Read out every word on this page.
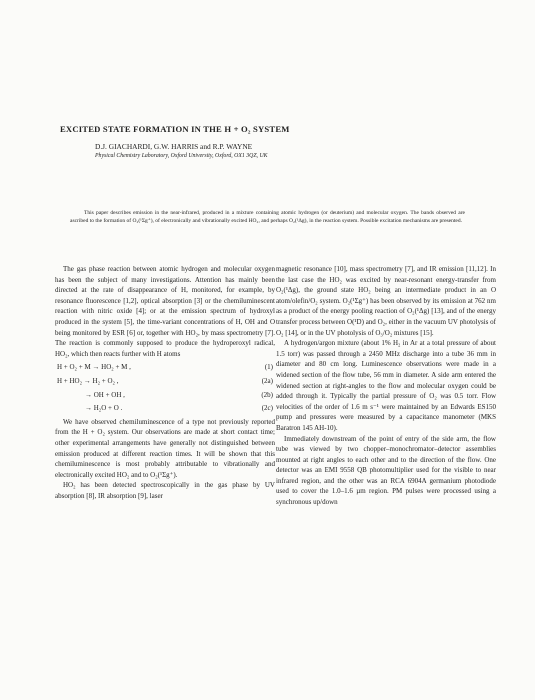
EXCITED STATE FORMATION IN THE H + O₂ SYSTEM
D.J. GIACHARDI, G.W. HARRIS and R.P. WAYNE
Physical Chemistry Laboratory, Oxford University, Oxford, OX1 3QZ, UK
This paper describes emission in the near-infrared, produced in a mixture containing atomic hydrogen (or deuterium) and molecular oxygen. The bands observed are ascribed to the formation of O₂(¹Σg⁺), of electronically and vibrationally excited HO₂, and perhaps O₂(¹Δg), in the reaction system. Possible excitation mechanisms are presented.

The gas phase reaction between atomic hydrogen and molecular oxygen has been the subject of many investigations. Attention has mainly been directed at the rate of disappearance of H, monitored, for example, by resonance fluorescence [1,2], optical absorption [3] or the chemiluminescent reaction with nitric oxide [4]; or at the emission spectrum of hydroxyl produced in the system [5], the time-variant concentrations of H, OH and O being monitored by ESR [6] or, together with HO₂, by mass spectrometry [7]. The reaction is commonly supposed to produce the hydroperoxyl radical, HO₂, which then reacts further with H atoms

H + O₂ + M → HO₂ + M ,	(1)
H + HO₂ → H₂ + O₂ ,	(2a)
→ OH + OH ,	(2b)
→ H₂O + O .	(2c)

We have observed chemiluminescence of a type not previously reported from the H + O₂ system. Our observations are made at short contact time; other experimental arrangements have generally not distinguished between emission produced at different reaction times. It will be shown that this chemiluminescence is most probably attributable to vibrationally and electronically excited HO₂ and to O₂(¹Σg⁺).

HO₂ has been detected spectroscopically in the gas phase by UV absorption [8], IR absorption [9], laser

magnetic resonance [10], mass spectrometry [7], and IR emission [11,12]. In the last case the HO₂ was excited by near-resonant energy-transfer from O₂(¹Δg), the ground state HO₂ being an intermediate product in an O atom/olefin/O₂ system. O₂(¹Σg⁺) has been observed by its emission at 762 nm as a product of the energy pooling reaction of O₂(¹Δg) [13], and of the energy transfer process between O(¹D) and O₂, either in the vacuum UV photolysis of O₂ [14], or in the UV photolysis of O₃/O₂ mixtures [15].

A hydrogen/argon mixture (about 1% H₂ in Ar at a total pressure of about 1.5 torr) was passed through a 2450 MHz discharge into a tube 36 mm in diameter and 80 cm long. Luminescence observations were made in a widened section of the flow tube, 56 mm in diameter. A side arm entered the widened section at right-angles to the flow and molecular oxygen could be added through it. Typically the partial pressure of O₂ was 0.5 torr. Flow velocities of the order of 1.6 m s⁻¹ were maintained by an Edwards ES150 pump and pressures were measured by a capacitance manometer (MKS Baratron 145 AH-10).

Immediately downstream of the point of entry of the side arm, the flow tube was viewed by two chopper–monochromator–detector assemblies mounted at right angles to each other and to the direction of the flow. One detector was an EMI 9558 QB photomultiplier used for the visible to near infrared region, and the other was an RCA 6904A germanium photodiode used to cover the 1.0–1.6 µm region. PM pulses were processed using a synchronous up/down
